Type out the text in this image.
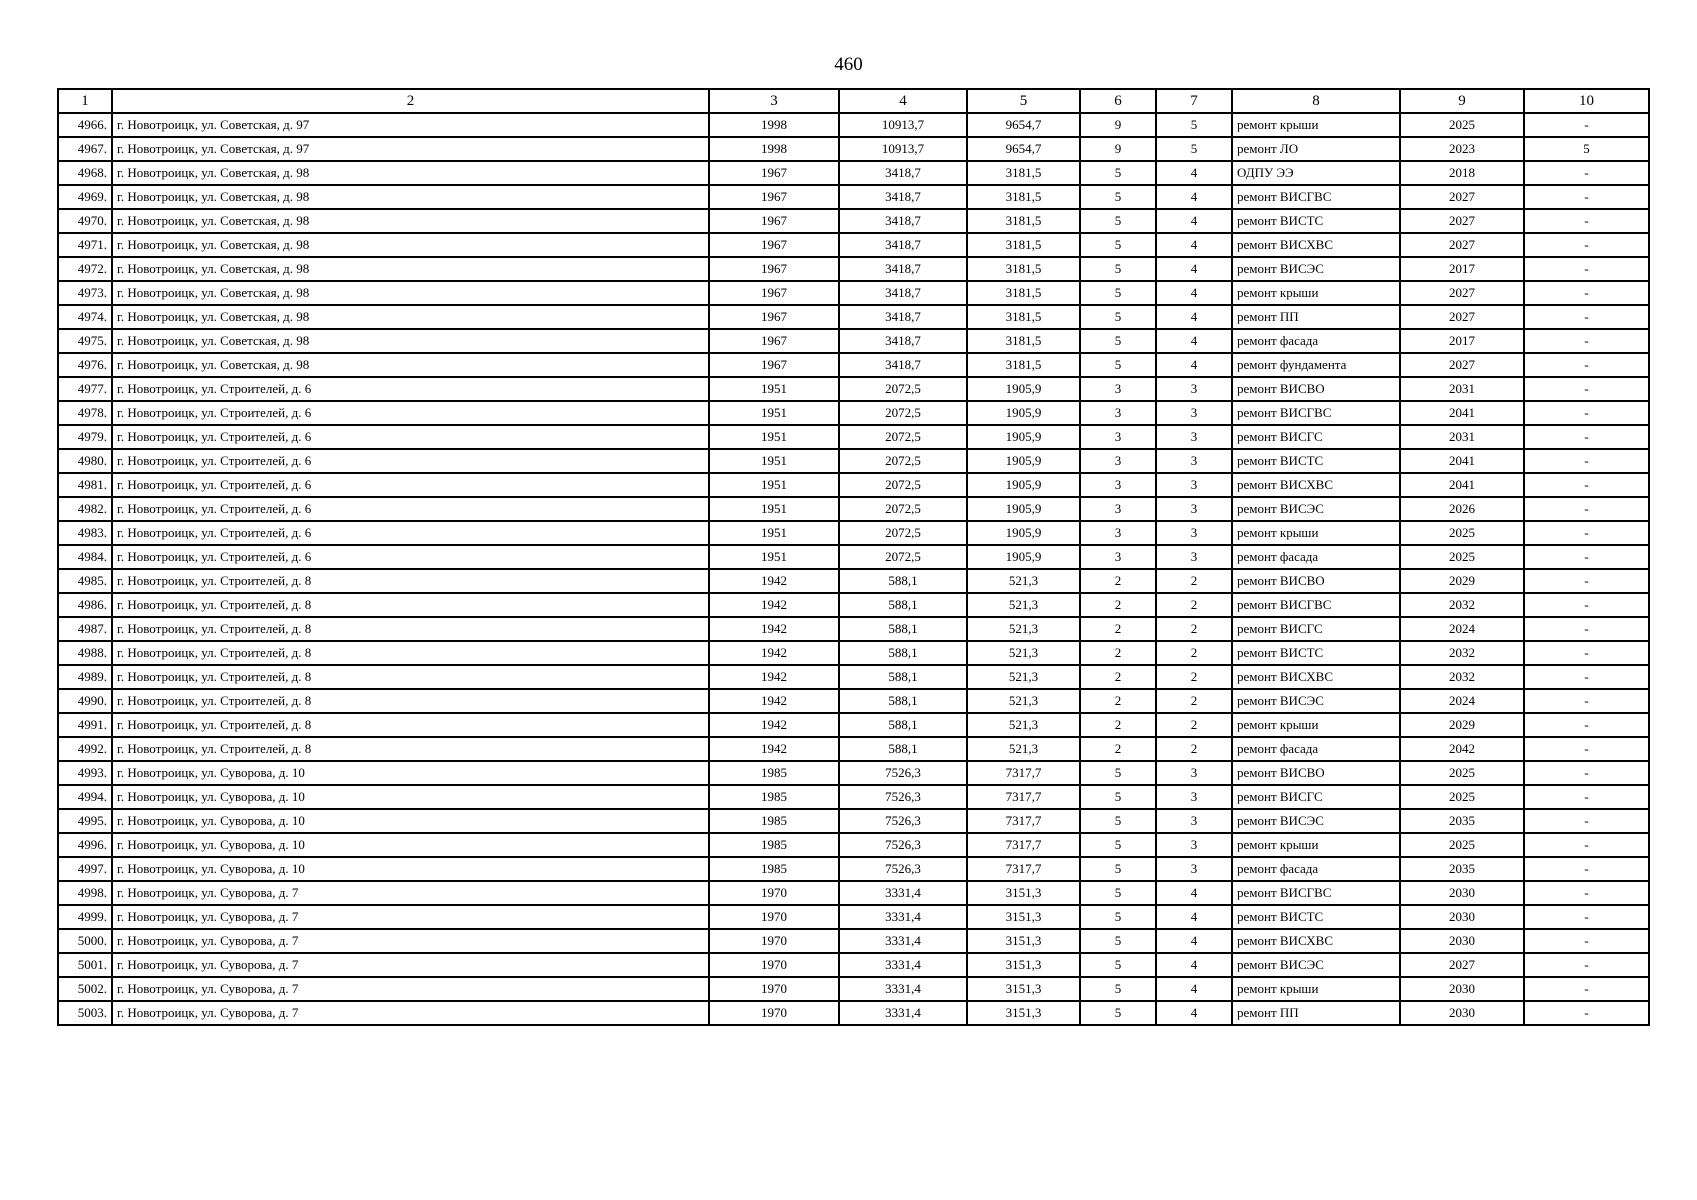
460
1	2	3	4	5	6	7	8	9	10
4966.	г. Новотроицк, ул. Советская, д. 97	1998	10913,7	9654,7	9	5	ремонт крыши	2025	-
4967.	г. Новотроицк, ул. Советская, д. 97	1998	10913,7	9654,7	9	5	ремонт ЛО	2023	5
4968.	г. Новотроицк, ул. Советская, д. 98	1967	3418,7	3181,5	5	4	ОДПУ ЭЭ	2018	-
4969.	г. Новотроицк, ул. Советская, д. 98	1967	3418,7	3181,5	5	4	ремонт ВИСГВС	2027	-
4970.	г. Новотроицк, ул. Советская, д. 98	1967	3418,7	3181,5	5	4	ремонт ВИСТС	2027	-
4971.	г. Новотроицк, ул. Советская, д. 98	1967	3418,7	3181,5	5	4	ремонт ВИСХВС	2027	-
4972.	г. Новотроицк, ул. Советская, д. 98	1967	3418,7	3181,5	5	4	ремонт ВИСЭС	2017	-
4973.	г. Новотроицк, ул. Советская, д. 98	1967	3418,7	3181,5	5	4	ремонт крыши	2027	-
4974.	г. Новотроицк, ул. Советская, д. 98	1967	3418,7	3181,5	5	4	ремонт ПП	2027	-
4975.	г. Новотроицк, ул. Советская, д. 98	1967	3418,7	3181,5	5	4	ремонт фасада	2017	-
4976.	г. Новотроицк, ул. Советская, д. 98	1967	3418,7	3181,5	5	4	ремонт фундамента	2027	-
4977.	г. Новотроицк, ул. Строителей, д. 6	1951	2072,5	1905,9	3	3	ремонт ВИСВО	2031	-
4978.	г. Новотроицк, ул. Строителей, д. 6	1951	2072,5	1905,9	3	3	ремонт ВИСГВС	2041	-
4979.	г. Новотроицк, ул. Строителей, д. 6	1951	2072,5	1905,9	3	3	ремонт ВИСГС	2031	-
4980.	г. Новотроицк, ул. Строителей, д. 6	1951	2072,5	1905,9	3	3	ремонт ВИСТС	2041	-
4981.	г. Новотроицк, ул. Строителей, д. 6	1951	2072,5	1905,9	3	3	ремонт ВИСХВС	2041	-
4982.	г. Новотроицк, ул. Строителей, д. 6	1951	2072,5	1905,9	3	3	ремонт ВИСЭС	2026	-
4983.	г. Новотроицк, ул. Строителей, д. 6	1951	2072,5	1905,9	3	3	ремонт крыши	2025	-
4984.	г. Новотроицк, ул. Строителей, д. 6	1951	2072,5	1905,9	3	3	ремонт фасада	2025	-
4985.	г. Новотроицк, ул. Строителей, д. 8	1942	588,1	521,3	2	2	ремонт ВИСВО	2029	-
4986.	г. Новотроицк, ул. Строителей, д. 8	1942	588,1	521,3	2	2	ремонт ВИСГВС	2032	-
4987.	г. Новотроицк, ул. Строителей, д. 8	1942	588,1	521,3	2	2	ремонт ВИСГС	2024	-
4988.	г. Новотроицк, ул. Строителей, д. 8	1942	588,1	521,3	2	2	ремонт ВИСТС	2032	-
4989.	г. Новотроицк, ул. Строителей, д. 8	1942	588,1	521,3	2	2	ремонт ВИСХВС	2032	-
4990.	г. Новотроицк, ул. Строителей, д. 8	1942	588,1	521,3	2	2	ремонт ВИСЭС	2024	-
4991.	г. Новотроицк, ул. Строителей, д. 8	1942	588,1	521,3	2	2	ремонт крыши	2029	-
4992.	г. Новотроицк, ул. Строителей, д. 8	1942	588,1	521,3	2	2	ремонт фасада	2042	-
4993.	г. Новотроицк, ул. Суворова, д. 10	1985	7526,3	7317,7	5	3	ремонт ВИСВО	2025	-
4994.	г. Новотроицк, ул. Суворова, д. 10	1985	7526,3	7317,7	5	3	ремонт ВИСГС	2025	-
4995.	г. Новотроицк, ул. Суворова, д. 10	1985	7526,3	7317,7	5	3	ремонт ВИСЭС	2035	-
4996.	г. Новотроицк, ул. Суворова, д. 10	1985	7526,3	7317,7	5	3	ремонт крыши	2025	-
4997.	г. Новотроицк, ул. Суворова, д. 10	1985	7526,3	7317,7	5	3	ремонт фасада	2035	-
4998.	г. Новотроицк, ул. Суворова, д. 7	1970	3331,4	3151,3	5	4	ремонт ВИСГВС	2030	-
4999.	г. Новотроицк, ул. Суворова, д. 7	1970	3331,4	3151,3	5	4	ремонт ВИСТС	2030	-
5000.	г. Новотроицк, ул. Суворова, д. 7	1970	3331,4	3151,3	5	4	ремонт ВИСХВС	2030	-
5001.	г. Новотроицк, ул. Суворова, д. 7	1970	3331,4	3151,3	5	4	ремонт ВИСЭС	2027	-
5002.	г. Новотроицк, ул. Суворова, д. 7	1970	3331,4	3151,3	5	4	ремонт крыши	2030	-
5003.	г. Новотроицк, ул. Суворова, д. 7	1970	3331,4	3151,3	5	4	ремонт ПП	2030	-
